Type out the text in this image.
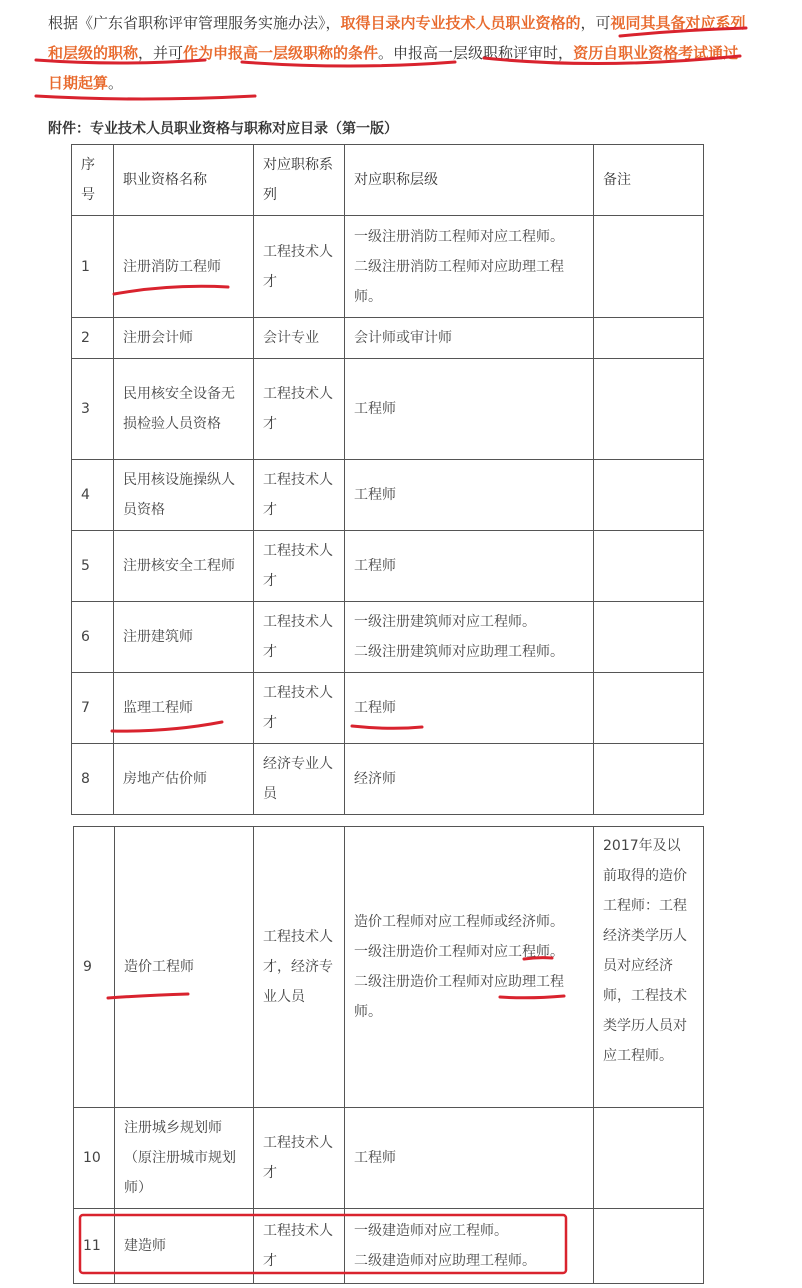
根据《广东省职称评审管理服务实施办法》，取得目录内专业技术人员职业资格的，可视同其具备对应系列和层级的职称，并可作为申报高一层级职称的条件。申报高一层级职称评审时，资历自职业资格考试通过日期起算。
附件：专业技术人员职业资格与职称对应目录（第一版）
序号	职业资格名称	对应职称系列	对应职称层级	备注
1	注册消防工程师	工程技术人才	一级注册消防工程师对应工程师。
二级注册消防工程师对应助理工程师。	

2	注册会计师	会计专业	会计师或审计师	
3	民用核安全设备无损检验人员资格	工程技术人才	工程师	
4	民用核设施操纵人员资格	工程技术人才	工程师	
5	注册核安全工程师	工程技术人才	工程师	
6	注册建筑师	工程技术人才	一级注册建筑师对应工程师。
二级注册建筑师对应助理工程师。	

7	监理工程师	工程技术人才	工程师	
8	房地产估价师	经济专业人员	经济师	
9	造价工程师	工程技术人才，经济专业人员	造价工程师对应工程师或经济师。
一级注册造价工程师对应工程师。
二级注册造价工程师对应助理工程师。	2017年及以前取得的造价工程师：工程经济类学历人员对应经济师，工程技术类学历人员对应工程师。
10	注册城乡规划师（原注册城市规划师）	工程技术人才	工程师	
11	建造师	工程技术人才	一级建造师对应工程师。
二级建造师对应助理工程师。	
